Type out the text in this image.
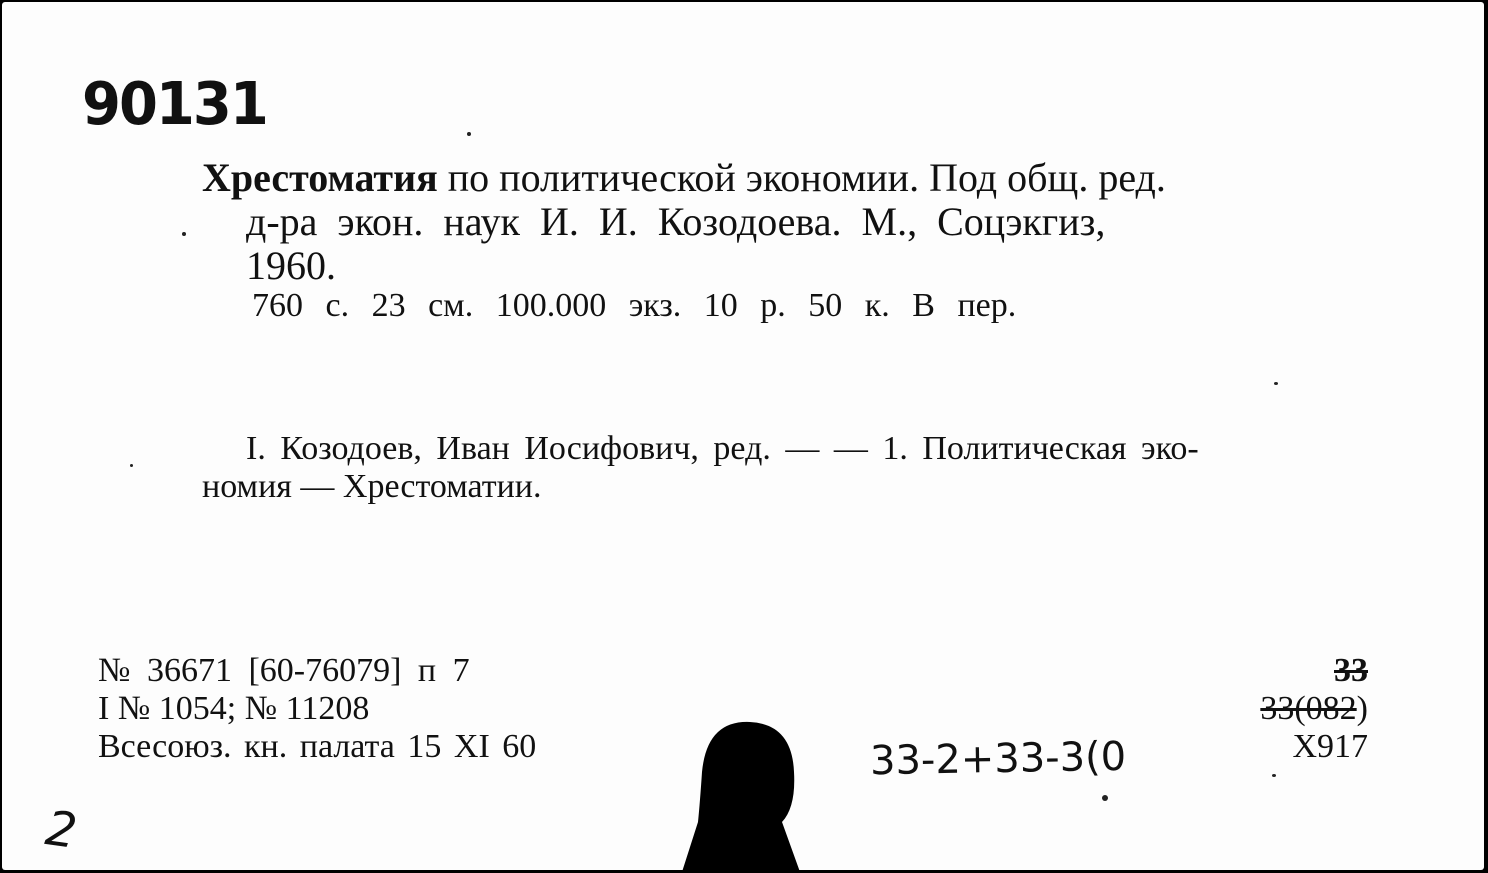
90131
Хрестоматия по политической экономии. Под общ. ред.
д-ра экон. наук И. И. Козодоева. М., Соцэкгиз,
1960.
760 с. 23 см. 100.000 экз. 10 р. 50 к. В пер.
I. Козодоев, Иван Иосифович, ред. — — 1. Политическая эко-
номия — Хрестоматии.
№ 36671 [60-76079] п 7
I № 1054; № 11208
Всесоюз. кн. палата 15 XI 60
33
33(082)
33-2+33-3(0	Х917
2
